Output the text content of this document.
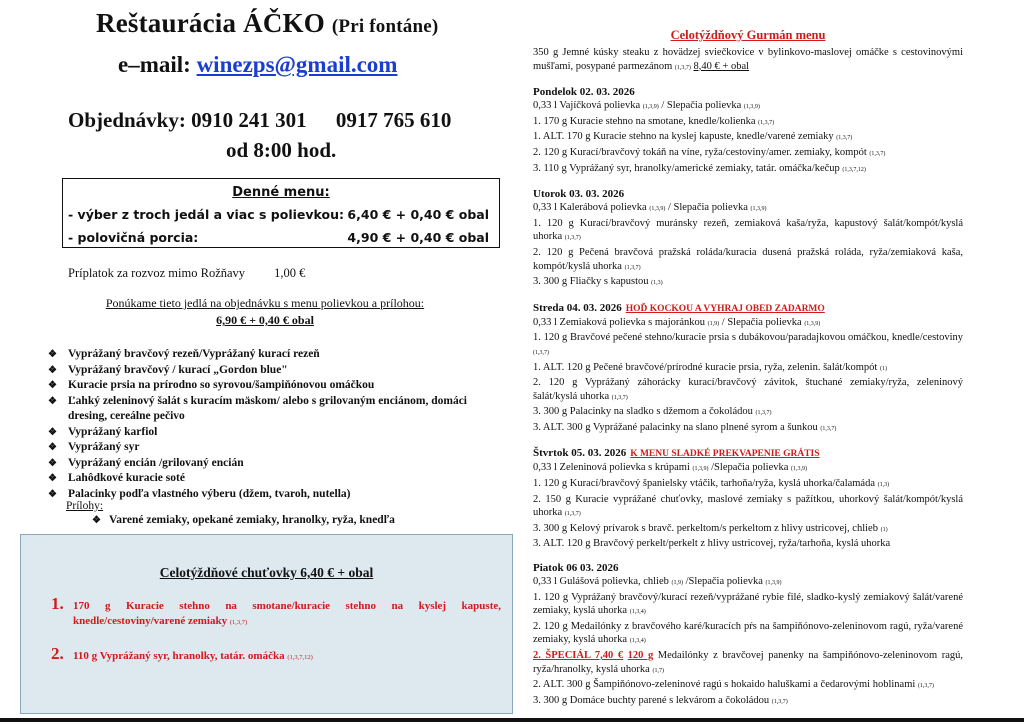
Reštaurácia ÁČKO (Pri fontáne)
e–mail: winezps@gmail.com
Objednávky: 0910 241 301 0917 765 610
od 8:00 hod.
Denné menu:
- výber z troch jedál a viac s polievkou: 6,40 € + 0,40 € obal
- polovičná porcia:	4,90 € + 0,40 € obal
Príplatok za rozvoz mimo Rožňavy 1,00 €
Ponúkame tieto jedlá na objednávku s menu polievkou a prílohou:
6,90 € + 0,40 € obal
❖ Vyprážaný bravčový rezeň/Vyprážaný kurací rezeň
❖ Vyprážaný bravčový / kurací „Gordon blue"
❖ Kuracie prsia na prírodno so syrovou/šampiňónovou omáčkou
❖ Ľahký zeleninový šalát s kuracím mäskom/ alebo s grilovaným enciánom, domáci dresing, cereálne pečivo
❖ Vyprážaný karfiol
❖ Vyprážaný syr
❖ Vyprážaný encián /grilovaný encián
❖ Lahôdkové kuracie soté
❖ Palacinky podľa vlastného výberu (džem, tvaroh, nutella)
Prílohy:
❖ Varené zemiaky, opekané zemiaky, hranolky, ryža, knedľa
Celotýždňové chuťovky 6,40 € + obal
1. 170 g Kuracie stehno na smotane/kuracie stehno na kyslej kapuste, knedle/cestoviny/varené zemiaky (1,3,7)
2. 110 g Vyprážaný syr, hranolky, tatár. omáčka (1,3,7,12)
Celotýždňový Gurmán menu
350 g Jemné kúsky steaku z hovädzej sviečkovice v bylinkovo-maslovej omáčke s cestovinovými mušľami, posypané parmezánom (1,3,7) 8,40 € + obal
Pondelok 02. 03. 2026
0,33 l Vajíčková polievka (1,3,9) / Slepačia polievka (1,3,9)
1. 170 g Kuracie stehno na smotane, knedle/kolienka (1,3,7)
1. ALT. 170 g Kuracie stehno na kyslej kapuste, knedle/varené zemiaky (1,3,7)
2. 120 g Kurací/bravčový tokáň na víne, ryža/cestoviny/amer. zemiaky, kompót (1,3,7)
3. 110 g Vyprážaný syr, hranolky/americké zemiaky, tatár. omáčka/kečup (1,3,7,12)
Utorok 03. 03. 2026
0,33 l Kalerábová polievka (1,3,9) / Slepačia polievka (1,3,9)
1. 120 g Kurací/bravčový muránsky rezeň, zemiaková kaša/ryža, kapustový šalát/kompót/kyslá uhorka (1,3,7)
2. 120 g Pečená bravčová pražská roláda/kuracia dusená pražská roláda, ryža/zemiaková kaša, kompót/kyslá uhorka (1,3,7)
3. 300 g Fliačky s kapustou (1,3)
Streda 04. 03. 2026 HOĎ KOCKOU A VYHRAJ OBED ZADARMO
0,33 l Zemiaková polievka s majoránkou (1,9) / Slepačia polievka (1,3,9)
1. 120 g Bravčové pečené stehno/kuracie prsia s dubákovou/paradajkovou omáčkou, knedle/cestoviny (1,3,7)
1. ALT. 120 g Pečené bravčové/prírodné kuracie prsia, ryža, zelenin. šalát/kompót (1)
2. 120 g Vyprážaný záhorácky kurací/bravčový závitok, štuchané zemiaky/ryža, zeleninový šalát/kyslá uhorka (1,3,7)
3. 300 g Palacinky na sladko s džemom a čokoládou (1,3,7)
3. ALT. 300 g Vyprážané palacinky na slano plnené syrom a šunkou (1,3,7)
Štvrtok 05. 03. 2026 K MENU SLADKÉ PREKVAPENIE GRÁTIS
0,33 l Zeleninová polievka s krúpami (1,3,9) /Slepačia polievka (1,3,9)
1. 120 g Kurací/bravčový španielsky vtáčik, tarhoňa/ryža, kyslá uhorka/čalamáda (1,3)
2. 150 g Kuracie vyprážané chuťovky, maslové zemiaky s pažítkou, uhorkový šalát/kompót/kyslá uhorka (1,3,7)
3. 300 g Kelový prívarok s bravč. perkeltom/s perkeltom z hlivy ustricovej, chlieb (1)
3. ALT. 120 g Bravčový perkelt/perkelt z hlivy ustricovej, ryža/tarhoňa, kyslá uhorka
Piatok 06 03. 2026
0,33 l Gulášová polievka, chlieb (1,9) /Slepačia polievka (1,3,9)
1. 120 g Vyprážaný bravčový/kurací rezeň/vyprážané rybie filé, sladko-kyslý zemiakový šalát/varené zemiaky, kyslá uhorka (1,3,4)
2. 120 g Medailónky z bravčového karé/kuracích pŕs na šampiňónovo-zeleninovom ragú, ryža/varené zemiaky, kyslá uhorka (1,3,4)
2. ŠPECIÁL 7,40 € 120 g Medailónky z bravčovej panenky na šampiňónovo-zeleninovom ragú, ryža/hranolky, kyslá uhorka (1,7)
2. ALT. 300 g Šampiňónovo-zeleninové ragú s hokaido haluškami a čedarovými hoblinami (1,3,7)
3. 300 g Domáce buchty parené s lekvárom a čokoládou (1,3,7)
